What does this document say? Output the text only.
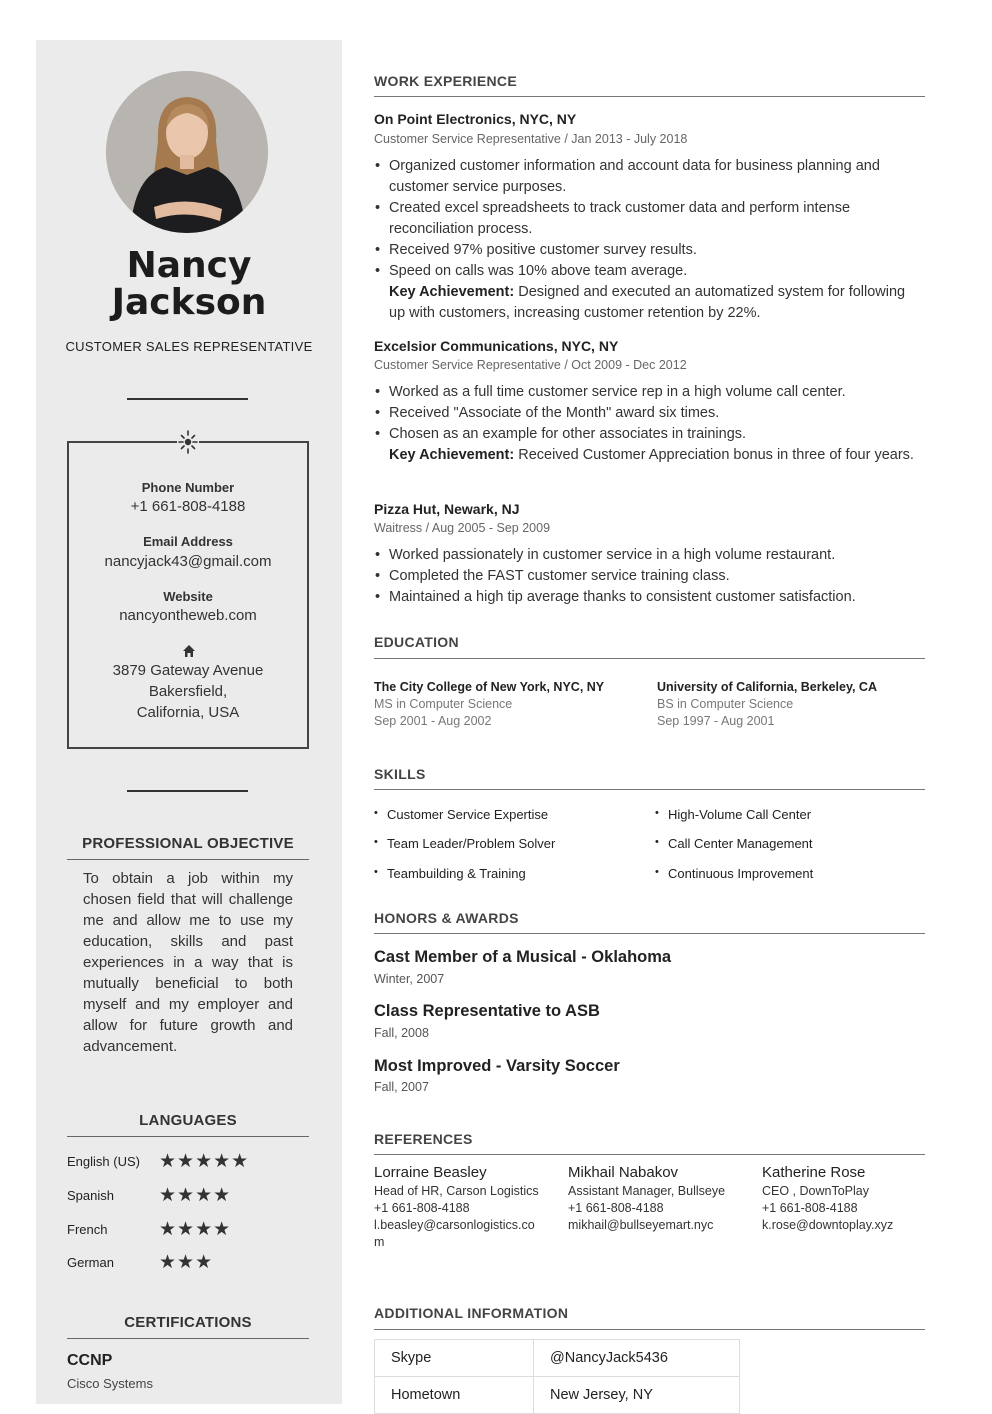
Nancy
Jackson
CUSTOMER SALES REPRESENTATIVE
Phone Number
+1 661-808-4188
Email Address
nancyjack43@gmail.com
Website
nancyontheweb.com
3879 Gateway Avenue
Bakersfield,
California, USA
PROFESSIONAL OBJECTIVE
To obtain a job within my chosen field that will challenge me and allow me to use my education, skills and past experiences in a way that is mutually beneficial to both myself and my employer and allow for future growth and advancement.
LANGUAGES
English (US) ★★★★★
Spanish ★★★★
French	★★★★
German ★★★
CERTIFICATIONS
CCNP
Cisco Systems
WORK EXPERIENCE
On Point Electronics, NYC, NY
Customer Service Representative / Jan 2013 - July 2018
• Organized customer information and account data for business planning and customer service purposes.
• Created excel spreadsheets to track customer data and perform intense reconciliation process.
• Received 97% positive customer survey results.
• Speed on calls was 10% above team average.
Key Achievement: Designed and executed an automatized system for following up with customers, increasing customer retention by 22%.
Excelsior Communications, NYC, NY
Customer Service Representative / Oct 2009 - Dec 2012
• Worked as a full time customer service rep in a high volume call center.
• Received "Associate of the Month" award six times.
• Chosen as an example for other associates in trainings.
Key Achievement: Received Customer Appreciation bonus in three of four years.
Pizza Hut, Newark, NJ
Waitress / Aug 2005 - Sep 2009
• Worked passionately in customer service in a high volume restaurant.
• Completed the FAST customer service training class.
• Maintained a high tip average thanks to consistent customer satisfaction.
EDUCATION
The City College of New York, NYC, NY
MS in Computer Science
Sep 2001 - Aug 2002
University of California, Berkeley, CA
BS in Computer Science
Sep 1997 - Aug 2001
SKILLS
• Customer Service Expertise	• High-Volume Call Center
• Team Leader/Problem Solver	• Call Center Management
• Teambuilding & Training	• Continuous Improvement
HONORS & AWARDS
Cast Member of a Musical - Oklahoma
Winter, 2007
Class Representative to ASB
Fall, 2008
Most Improved - Varsity Soccer
Fall, 2007
REFERENCES
Lorraine Beasley
Head of HR, Carson Logistics
+1 661-808-4188
l.beasley@carsonlogistics.com
Mikhail Nabakov
Assistant Manager, Bullseye
+1 661-808-4188
mikhail@bullseyemart.nyc
Katherine Rose
CEO , DownToPlay
+1 661-808-4188
k.rose@downtoplay.xyz
ADDITIONAL INFORMATION
Skype	@NancyJack5436
Hometown	New Jersey, NY
